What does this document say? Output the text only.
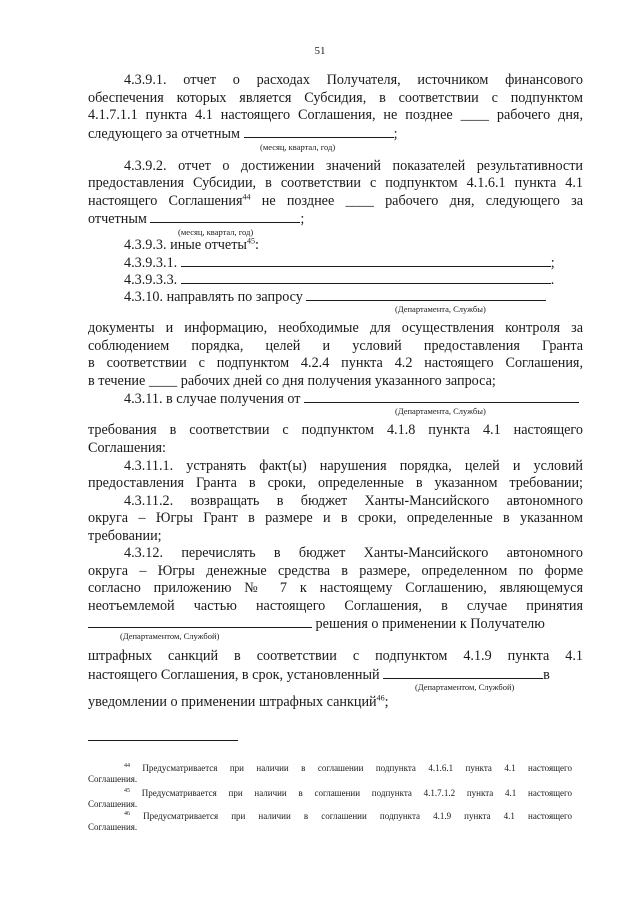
51
4.3.9.1. отчет о расходах Получателя, источником финансового
обеспечения которых является Субсидия, в соответствии с подпунктом
4.1.7.1.1 пункта 4.1 настоящего Соглашения, не позднее ____ рабочего дня,
следующего за отчетным	;
(месяц, квартал, год)
4.3.9.2. отчет о достижении значений показателей результативности
предоставления Субсидии, в соответствии с подпунктом 4.1.6.1 пункта 4.1
настоящего Соглашения$^{44}$ не позднее ____ рабочего дня, следующего за
отчетным	;
(месяц, квартал, год)
4.3.9.3. иные отчеты$^{45}$:
4.3.9.3.1.	;
4.3.9.3.3.	.
4.3.10. направлять по запросу
(Департамента, Службы)
документы и информацию, необходимые для осуществления контроля за
соблюдением порядка, целей и условий предоставления Гранта
в соответствии с подпунктом 4.2.4 пункта 4.2 настоящего Соглашения,
в течение ____ рабочих дней со дня получения указанного запроса;
4.3.11. в случае получения от
(Департамента, Службы)
требования в соответствии с подпунктом 4.1.8 пункта 4.1 настоящего
Соглашения:
4.3.11.1. устранять факт(ы) нарушения порядка, целей и условий
предоставления Гранта в сроки, определенные в указанном требовании;
4.3.11.2. возвращать в бюджет Ханты-Мансийского автономного
округа – Югры Грант в размере и в сроки, определенные в указанном
требовании;
4.3.12. перечислять в бюджет Ханты-Мансийского автономного
округа – Югры денежные средства в размере, определенном по форме
согласно приложению № 7 к настоящему Соглашению, являющемуся
неотъемлемой частью настоящего Соглашения, в случае принятия
решения о применении к Получателю
(Департаментом, Службой)
штрафных санкций в соответствии с подпунктом 4.1.9 пункта 4.1
настоящего Соглашения, в срок, установленный	в
(Департаментом, Службой)
уведомлении о применении штрафных санкций$^{46}$;
$^{44}$ Предусматривается при наличии в соглашении подпункта 4.1.6.1 пункта 4.1 настоящего
Соглашения.
$^{45}$ Предусматривается при наличии в соглашении подпункта 4.1.7.1.2 пункта 4.1 настоящего
Соглашения.
$^{46}$ Предусматривается при наличии в соглашении подпункта 4.1.9 пункта 4.1 настоящего
Соглашения.
